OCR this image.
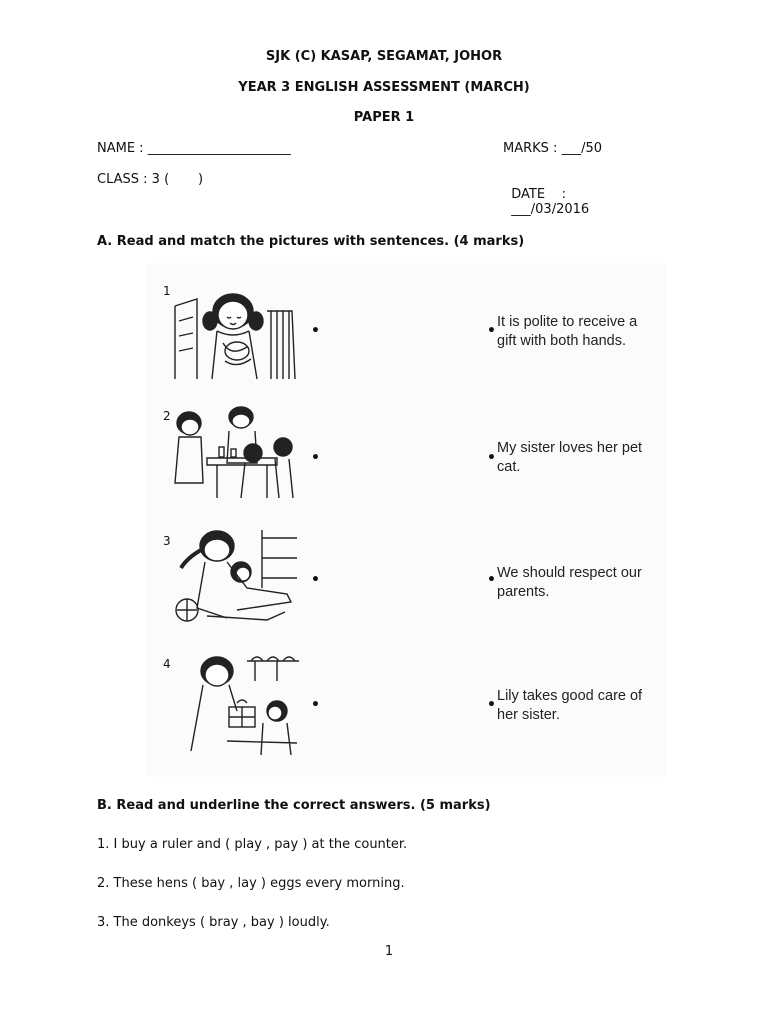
SJK (C) KASAP, SEGAMAT, JOHOR
YEAR 3 ENGLISH ASSESSMENT (MARCH)
PAPER 1
NAME : ______________________	MARKS : ___/50
CLASS : 3 (       )

DATE    :
___/03/2016

A. Read and match the pictures with sentences. (4 marks)
1
•	•
It is polite to receive a
gift with both hands.
2
•	•
My sister loves her pet
cat.
3
•	• We should respect our
parents.
4
•	•
Lily takes good care of
her sister.
B. Read and underline the correct answers. (5 marks)
1. I buy a ruler and ( play , pay ) at the counter.
2. These hens ( bay , lay ) eggs every morning.
3. The donkeys ( bray , bay ) loudly.
1
